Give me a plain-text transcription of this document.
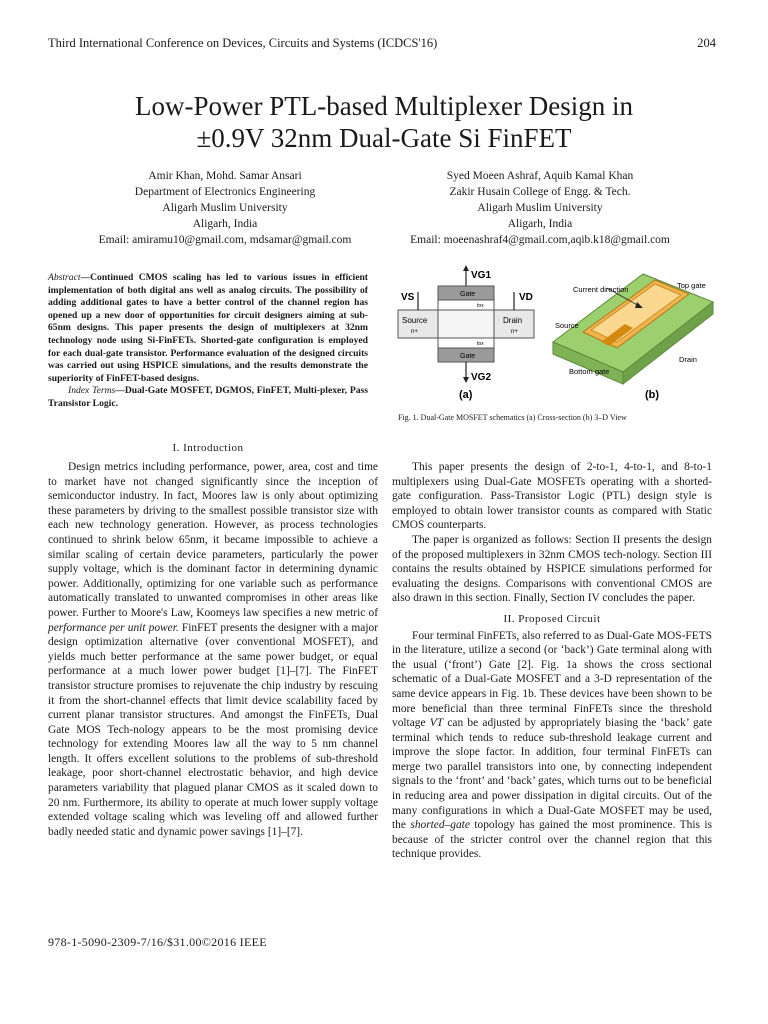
Third International Conference on Devices, Circuits and Systems (ICDCS'16)	204
Low-Power PTL-based Multiplexer Design in
±0.9V 32nm Dual-Gate Si FinFET
Amir Khan, Mohd. Samar Ansari
Department of Electronics Engineering
Aligarh Muslim University
Aligarh, India
Email: amiramu10@gmail.com, mdsamar@gmail.com
Syed Moeen Ashraf, Aquib Kamal Khan
Zakir Husain College of Engg. & Tech.
Aligarh Muslim University
Aligarh, India
Email: moeenashraf4@gmail.com,aqib.k18@gmail.com

Abstract—Continued CMOS scaling has led to various issues in efficient implementation of both digital ans well as analog circuits. The possibility of adding additional gates to have a better control of the channel region has opened up a new door of opportunities for circuit designers aiming at sub-65nm designs. This paper presents the design of multiplexers at 32nm technology node using Si-FinFETs. Shorted-gate configuration is employed for each dual-gate transistor. Performance evaluation of the designed circuits was carried out using HSPICE simulations, and the results demonstrate the superiority of FinFET-based designs.

Index Terms—Dual-Gate MOSFET, DGMOS, FinFET, Multi-plexer, Pass Transistor Logic.

VG1
Gate
tox
Source
n+
Drain
n+
tox
Gate
VG2
VS	VD
(a)
Current direction	Top gate
Source
Drain
Bottom gate
(b)
Fig. 1. Dual-Gate MOSFET schematics (a) Cross-section (b) 3–D View
I. Introduction

Design metrics including performance, power, area, cost and time to market have not changed significantly since the inception of semiconductor industry. In fact, Moores law is only about optimizing these parameters by driving to the smallest possible transistor size with each new technology generation. However, as process technologies continued to shrink below 65nm, it became impossible to achieve a similar scaling of certain device parameters, particularly the power supply voltage, which is the dominant factor in determining dynamic power. Additionally, optimizing for one variable such as performance automatically translated to unwanted compromises in other areas like power. Further to Moore's Law, Koomeys law specifies a new metric of performance per unit power. FinFET presents the designer with a major design optimization alternative (over conventional MOSFET), and yields much better performance at the same power budget, or equal performance at a much lower power budget [1]–[7]. The FinFET transistor structure promises to rejuvenate the chip industry by rescuing it from the short-channel effects that limit device scalability faced by current planar transistor structures. And amongst the FinFETs, Dual Gate MOS Tech-nology appears to be the most promising device technology for extending Moores law all the way to 5 nm channel length. It offers excellent solutions to the problems of sub-threshold leakage, poor short-channel electrostatic behavior, and high device parameters variability that plagued planar CMOS as it scaled down to 20 nm. Furthermore, its ability to operate at much lower supply voltage extended voltage scaling which was leveling off and allowed further badly needed static and dynamic power savings [1]–[7].

This paper presents the design of 2-to-1, 4-to-1, and 8-to-1 multiplexers using Dual-Gate MOSFETs operating with a shorted-gate configuration. Pass-Transistor Logic (PTL) design style is employed to obtain lower transistor counts as compared with Static CMOS counterparts.

The paper is organized as follows: Section II presents the design of the proposed multiplexers in 32nm CMOS tech-nology. Section III contains the results obtained by HSPICE simulations performed for evaluating the designs. Comparisons with conventional CMOS are also drawn in this section. Finally, Section IV concludes the paper.

II. Proposed Circuit

Four terminal FinFETs, also referred to as Dual-Gate MOS-FETS in the literature, utilize a second (or ‘back’) Gate terminal along with the usual (‘front’) Gate [2]. Fig. 1a shows the cross sectional schematic of a Dual-Gate MOSFET and a 3-D representation of the same device appears in Fig. 1b. These devices have been shown to be more beneficial than three terminal FinFETs since the threshold voltage VT can be adjusted by appropriately biasing the ‘back’ gate terminal which tends to reduce sub-threshold leakage current and improve the slope factor. In addition, four terminal FinFETs can merge two parallel transistors into one, by connecting independent signals to the ‘front’ and ‘back’ gates, which turns out to be beneficial in reducing area and power dissipation in digital circuits. Out of the many configurations in which a Dual-Gate MOSFET may be used, the shorted–gate topology has gained the most prominence. This is because of the stricter control over the channel region that this technique provides.

978-1-5090-2309-7/16/$31.00©2016 IEEE
